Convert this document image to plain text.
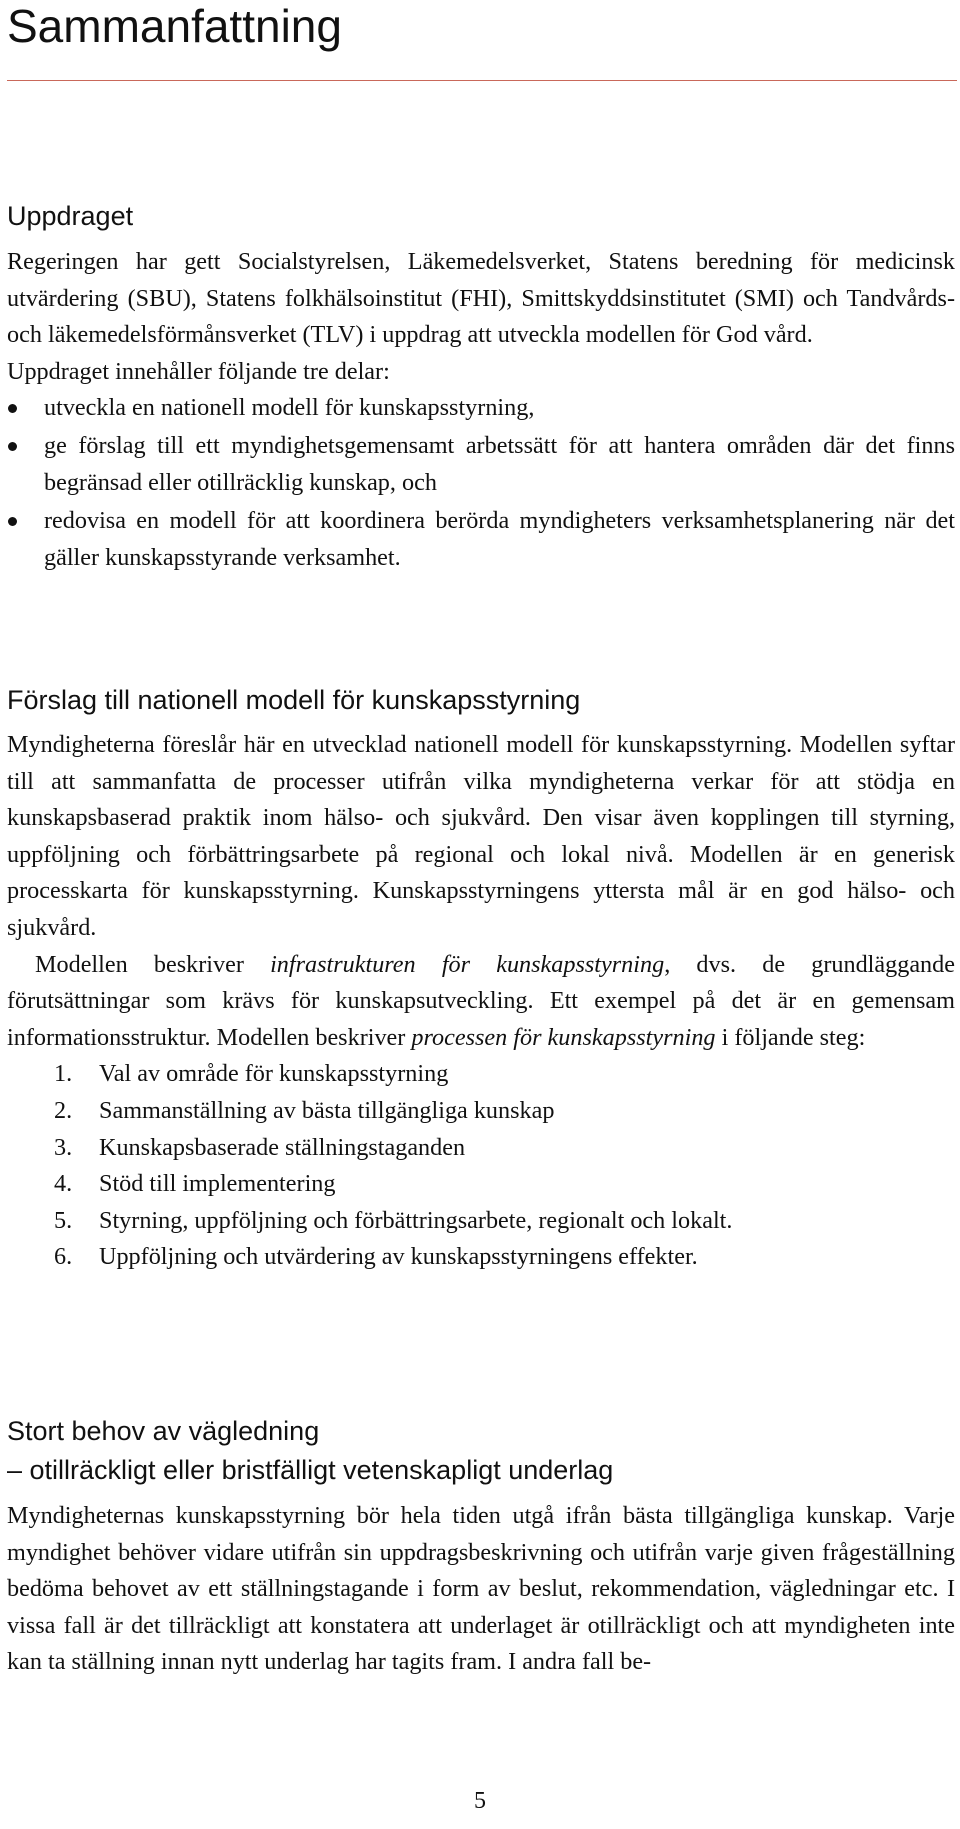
Sammanfattning
Uppdraget

Regeringen har gett Socialstyrelsen, Läkemedelsverket, Statens beredning för medicinsk utvärdering (SBU), Statens folkhälsoinstitut (FHI), Smittskyddsinstitutet (SMI) och Tandvårds- och läkemedelsförmånsverket (TLV) i uppdrag att utveckla modellen för God vård.

Uppdraget innehåller följande tre delar:

utveckla en nationell modell för kunskapsstyrning,
ge förslag till ett myndighetsgemensamt arbetssätt för att hantera områden där det finns begränsad eller otillräcklig kunskap, och
redovisa en modell för att koordinera berörda myndigheters verksamhetsplanering när det gäller kunskapsstyrande verksamhet.
Förslag till nationell modell för kunskapsstyrning

Myndigheterna föreslår här en utvecklad nationell modell för kunskapsstyrning. Modellen syftar till att sammanfatta de processer utifrån vilka myndigheterna verkar för att stödja en kunskapsbaserad praktik inom hälso- och sjukvård. Den visar även kopplingen till styrning, uppföljning och förbättringsarbete på regional och lokal nivå. Modellen är en generisk processkarta för kunskapsstyrning. Kunskapsstyrningens yttersta mål är en god hälso- och sjukvård.

Modellen beskriver infrastrukturen för kunskapsstyrning, dvs. de grundläggande förutsättningar som krävs för kunskapsutveckling. Ett exempel på det är en gemensam informationsstruktur. Modellen beskriver processen för kunskapsstyrning i följande steg:

1. Val av område för kunskapsstyrning
2. Sammanställning av bästa tillgängliga kunskap
3. Kunskapsbaserade ställningstaganden
4. Stöd till implementering
5. Styrning, uppföljning och förbättringsarbete, regionalt och lokalt.
6. Uppföljning och utvärdering av kunskapsstyrningens effekter.
Stort behov av vägledning
– otillräckligt eller bristfälligt vetenskapligt underlag

Myndigheternas kunskapsstyrning bör hela tiden utgå ifrån bästa tillgängliga kunskap. Varje myndighet behöver vidare utifrån sin uppdragsbeskrivning och utifrån varje given frågeställning bedöma behovet av ett ställningstagande i form av beslut, rekommendation, vägledningar etc. I vissa fall är det tillräckligt att konstatera att underlaget är otillräckligt och att myndigheten inte kan ta ställning innan nytt underlag har tagits fram. I andra fall be-

5
